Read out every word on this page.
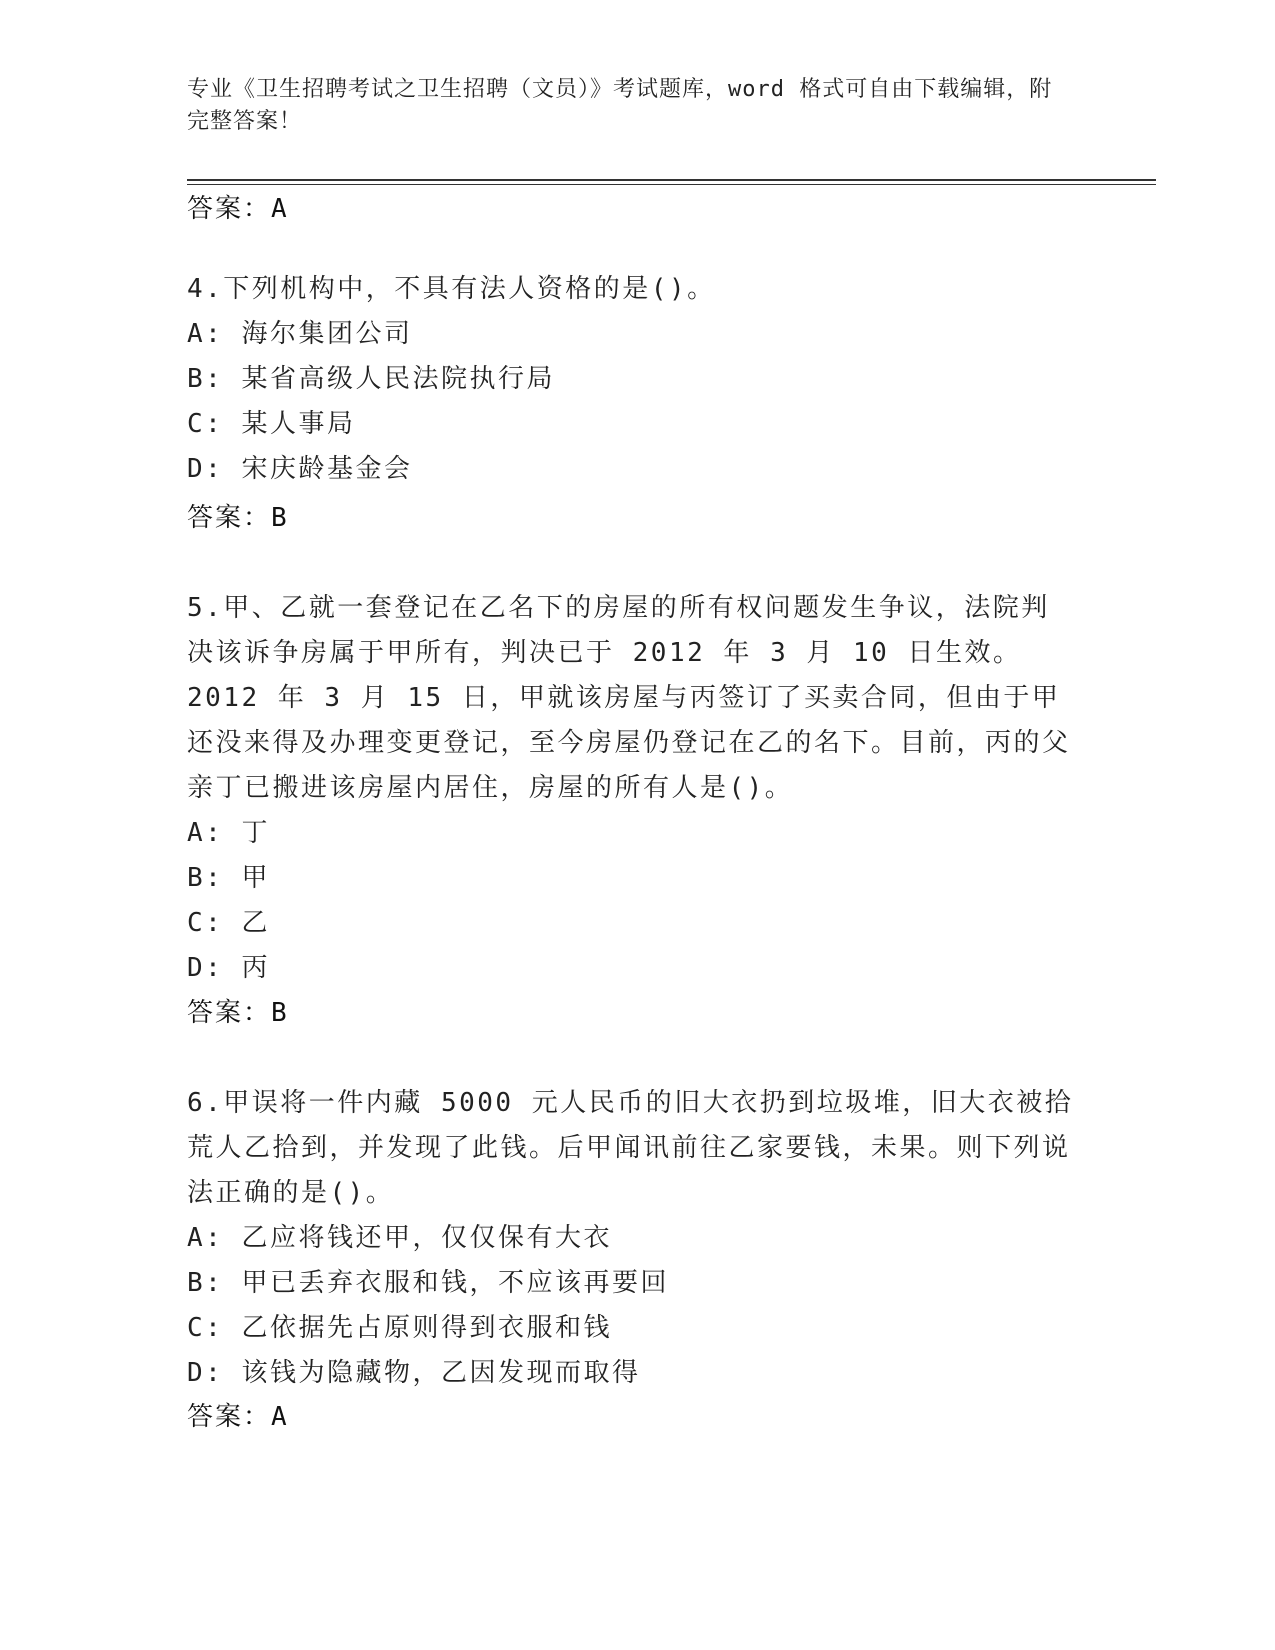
专业《卫生招聘考试之卫生招聘（文员）》考试题库，word 格式可自由下载编辑，附完整答案！
答案：A

4.下列机构中，不具有法人资格的是()。

A: 海尔集团公司

B: 某省高级人民法院执行局

C: 某人事局

D: 宋庆龄基金会

答案：B

5.甲、乙就一套登记在乙名下的房屋的所有权问题发生争议，法院判决该诉争房属于甲所有，判决已于 2012 年 3 月 10 日生效。2012 年 3 月 15 日，甲就该房屋与丙签订了买卖合同，但由于甲还没来得及办理变更登记，至今房屋仍登记在乙的名下。目前，丙的父亲丁已搬进该房屋内居住，房屋的所有人是()。

A: 丁

B: 甲

C: 乙

D: 丙

答案：B

6.甲误将一件内藏 5000 元人民币的旧大衣扔到垃圾堆，旧大衣被拾荒人乙拾到，并发现了此钱。后甲闻讯前往乙家要钱，未果。则下列说法正确的是()。

A: 乙应将钱还甲，仅仅保有大衣

B: 甲已丢弃衣服和钱，不应该再要回

C: 乙依据先占原则得到衣服和钱

D: 该钱为隐藏物，乙因发现而取得

答案：A
